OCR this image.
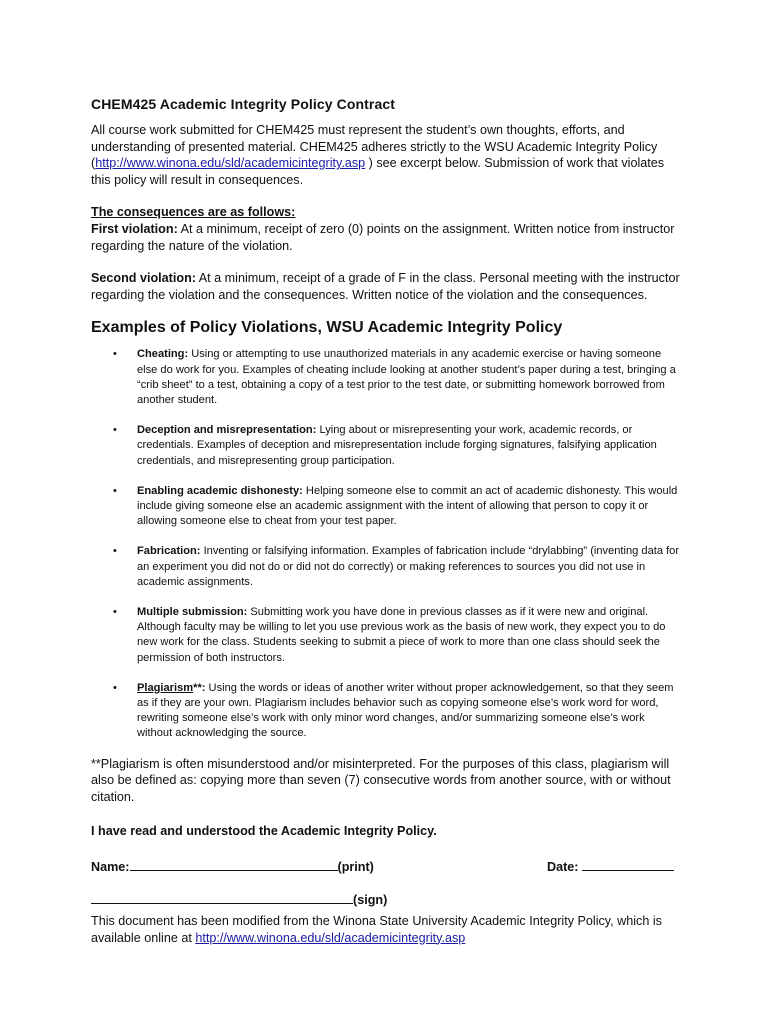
CHEM425 Academic Integrity Policy Contract

All course work submitted for CHEM425 must represent the student’s own thoughts, efforts, and understanding of presented material. CHEM425 adheres strictly to the WSU Academic Integrity Policy (http://www.winona.edu/sld/academicintegrity.asp ) see excerpt below. Submission of work that violates this policy will result in consequences.

The consequences are as follows:
First violation: At a minimum, receipt of zero (0) points on the assignment. Written notice from instructor regarding the nature of the violation.

Second violation: At a minimum, receipt of a grade of F in the class. Personal meeting with the instructor regarding the violation and the consequences. Written notice of the violation and the consequences.

Examples of Policy Violations, WSU Academic Integrity Policy
• Cheating: Using or attempting to use unauthorized materials in any academic exercise or having someone else do work for you. Examples of cheating include looking at another student’s paper during a test, bringing a “crib sheet” to a test, obtaining a copy of a test prior to the test date, or submitting homework borrowed from another student.
• Deception and misrepresentation: Lying about or misrepresenting your work, academic records, or credentials. Examples of deception and misrepresentation include forging signatures, falsifying application credentials, and misrepresenting group participation.
• Enabling academic dishonesty: Helping someone else to commit an act of academic dishonesty. This would include giving someone else an academic assignment with the intent of allowing that person to copy it or allowing someone else to cheat from your test paper.
• Fabrication: Inventing or falsifying information. Examples of fabrication include “drylabbing” (inventing data for an experiment you did not do or did not do correctly) or making references to sources you did not use in academic assignments.
• Multiple submission: Submitting work you have done in previous classes as if it were new and original. Although faculty may be willing to let you use previous work as the basis of new work, they expect you to do new work for the class. Students seeking to submit a piece of work to more than one class should seek the permission of both instructors.
• Plagiarism**: Using the words or ideas of another writer without proper acknowledgement, so that they seem as if they are your own. Plagiarism includes behavior such as copying someone else’s work word for word, rewriting someone else’s work with only minor word changes, and/or summarizing someone else’s work without acknowledging the source.

**Plagiarism is often misunderstood and/or misinterpreted. For the purposes of this class, plagiarism will also be defined as: copying more than seven (7) consecutive words from another source, with or without citation.

I have read and understood the Academic Integrity Policy.

Name:	(print)	Date:
(sign)

This document has been modified from the Winona State University Academic Integrity Policy, which is available online at http://www.winona.edu/sld/academicintegrity.asp
